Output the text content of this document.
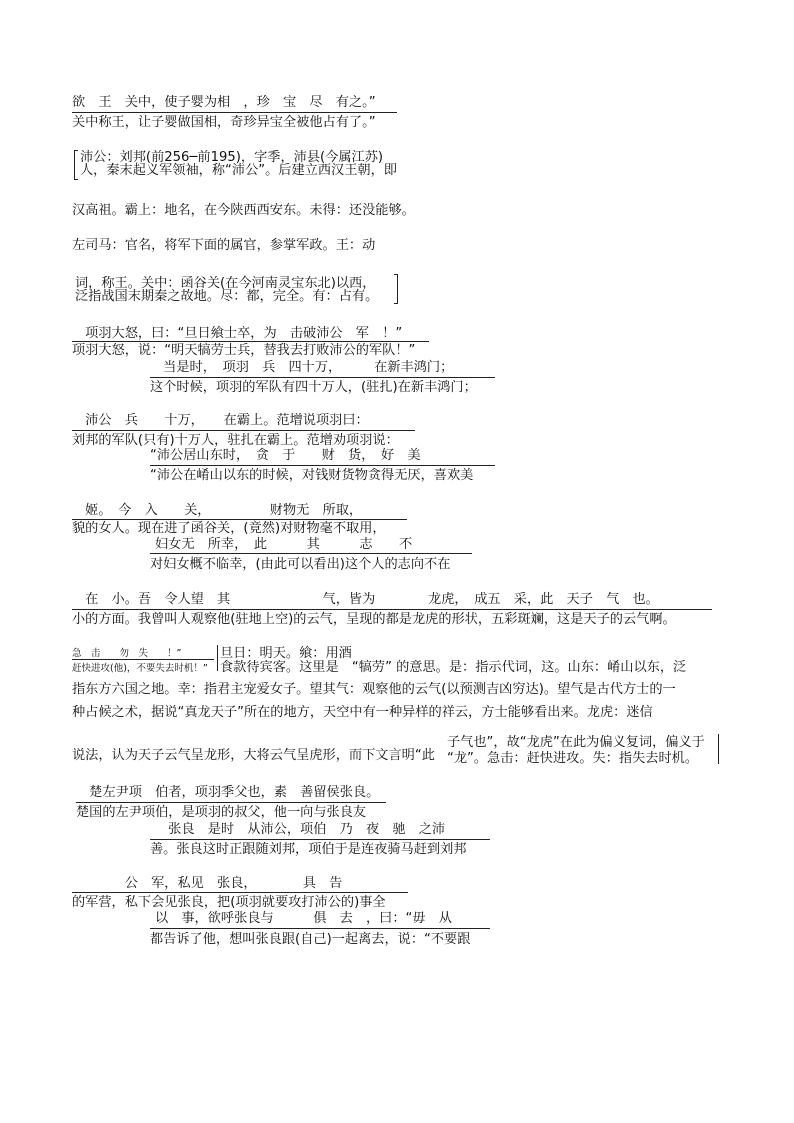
欲　王　关中，使子婴为相　，珍　宝　尽　有之。”
关中称王，让子婴做国相，奇珍异宝全被他占有了。”
沛公：刘邦(前256─前195)，字季，沛县(今属江苏)
人，秦末起义军领袖，称“沛公”。后建立西汉王朝，即
汉高祖。霸上：地名，在今陕西西安东。未得：还没能够。
左司马：官名，将军下面的属官，参掌军政。王：动
词，称王。关中：函谷关(在今河南灵宝东北)以西，
泛指战国末期秦之故地。尽：都，完全。有：占有。
　项羽大怒，曰：“旦日飨士卒，为　击破沛公　军　！”
项羽大怒，说：“明天犒劳士兵，替我去打败沛公的军队！”
　当是时，　项羽　兵　四十万，　　　在新丰鸿门；
这个时候，项羽的军队有四十万人，(驻扎)在新丰鸿门；
　沛公　兵　　十万，　　在霸上。范增说项羽曰：
刘邦的军队(只有)十万人，驻扎在霸上。范增劝项羽说：
“沛公居山东时，　贪　于　　财　货，　好　美
“沛公在崤山以东的时候，对钱财货物贪得无厌，喜欢美
　姬。　今　入　　关，　　　　　财物无　所取，
貌的女人。现在进了函谷关，(竟然)对财物毫不取用，
妇女无　所幸，　此　　　其　　　志　　不
对妇女概不临幸，(由此可以看出)这个人的志向不在
　在　小。吾　令人望　其　　　　　　　气，皆为　　　　龙虎，　成五　采，此　天子　气　也。
小的方面。我曾叫人观察他(驻地上空)的云气，呈现的都是龙虎的形状，五彩斑斓，这是天子的云气啊。
急　击　　勿　失　　！”
赶快进攻(他)，不要失去时机！”
旦日：明天。飨：用酒
食款待宾客。这里是　“犒劳” 的意思。是：指示代词，这。山东：崤山以东，泛
指东方六国之地。幸：指君主宠爱女子。望其气：观察他的云气(以预测吉凶穷达)。望气是古代方士的一
种占候之术，据说“真龙天子”所在的地方，天空中有一种异样的祥云，方士能够看出来。龙虎：迷信
说法，认为天子云气呈龙形，大将云气呈虎形，而下文言明“此
子气也”，故“龙虎”在此为偏义复词，偏义于
“龙”。急击：赶快进攻。失：指失去时机。
　楚左尹项　伯者，项羽季父也，素　善留侯张良。
楚国的左尹项伯，是项羽的叔父，他一向与张良友
　张良　是时　从沛公，项伯　乃　夜　驰　之沛
善。张良这时正跟随刘邦，项伯于是连夜骑马赶到刘邦
　　　　公　军，私见　张良，　　　　具　告
的军营，私下会见张良，把(项羽就要攻打沛公的)事全
以　事，欲呼张良与　　　俱　去　，曰：“毋　从
都告诉了他，想叫张良跟(自己)一起离去，说：“不要跟
